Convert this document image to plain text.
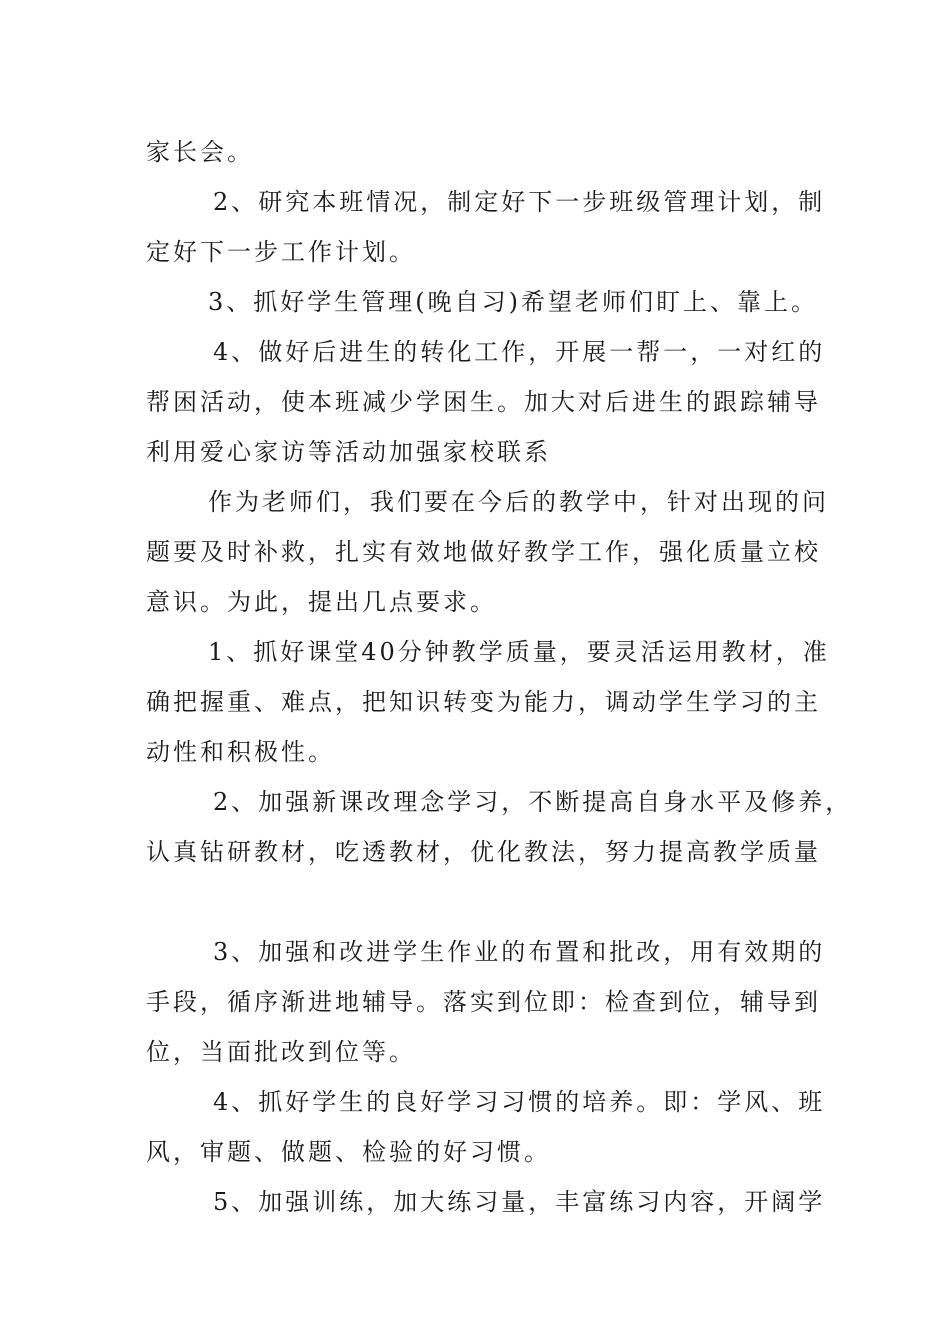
家长会。
2、研究本班情况，制定好下一步班级管理计划，制
定好下一步工作计划。
3、抓好学生管理(晚自习)希望老师们盯上、靠上。
4、做好后进生的转化工作，开展一帮一，一对红的
帮困活动，使本班减少学困生。加大对后进生的跟踪辅导
利用爱心家访等活动加强家校联系
作为老师们，我们要在今后的教学中，针对出现的问
题要及时补救，扎实有效地做好教学工作，强化质量立校
意识。为此，提出几点要求。
1、抓好课堂40分钟教学质量，要灵活运用教材，准
确把握重、难点，把知识转变为能力，调动学生学习的主
动性和积极性。
2、加强新课改理念学习，不断提高自身水平及修养，
认真钻研教材，吃透教材，优化教法，努力提高教学质量
3、加强和改进学生作业的布置和批改，用有效期的
手段，循序渐进地辅导。落实到位即：检查到位，辅导到
位，当面批改到位等。
4、抓好学生的良好学习习惯的培养。即：学风、班
风，审题、做题、检验的好习惯。
5、加强训练，加大练习量，丰富练习内容，开阔学
